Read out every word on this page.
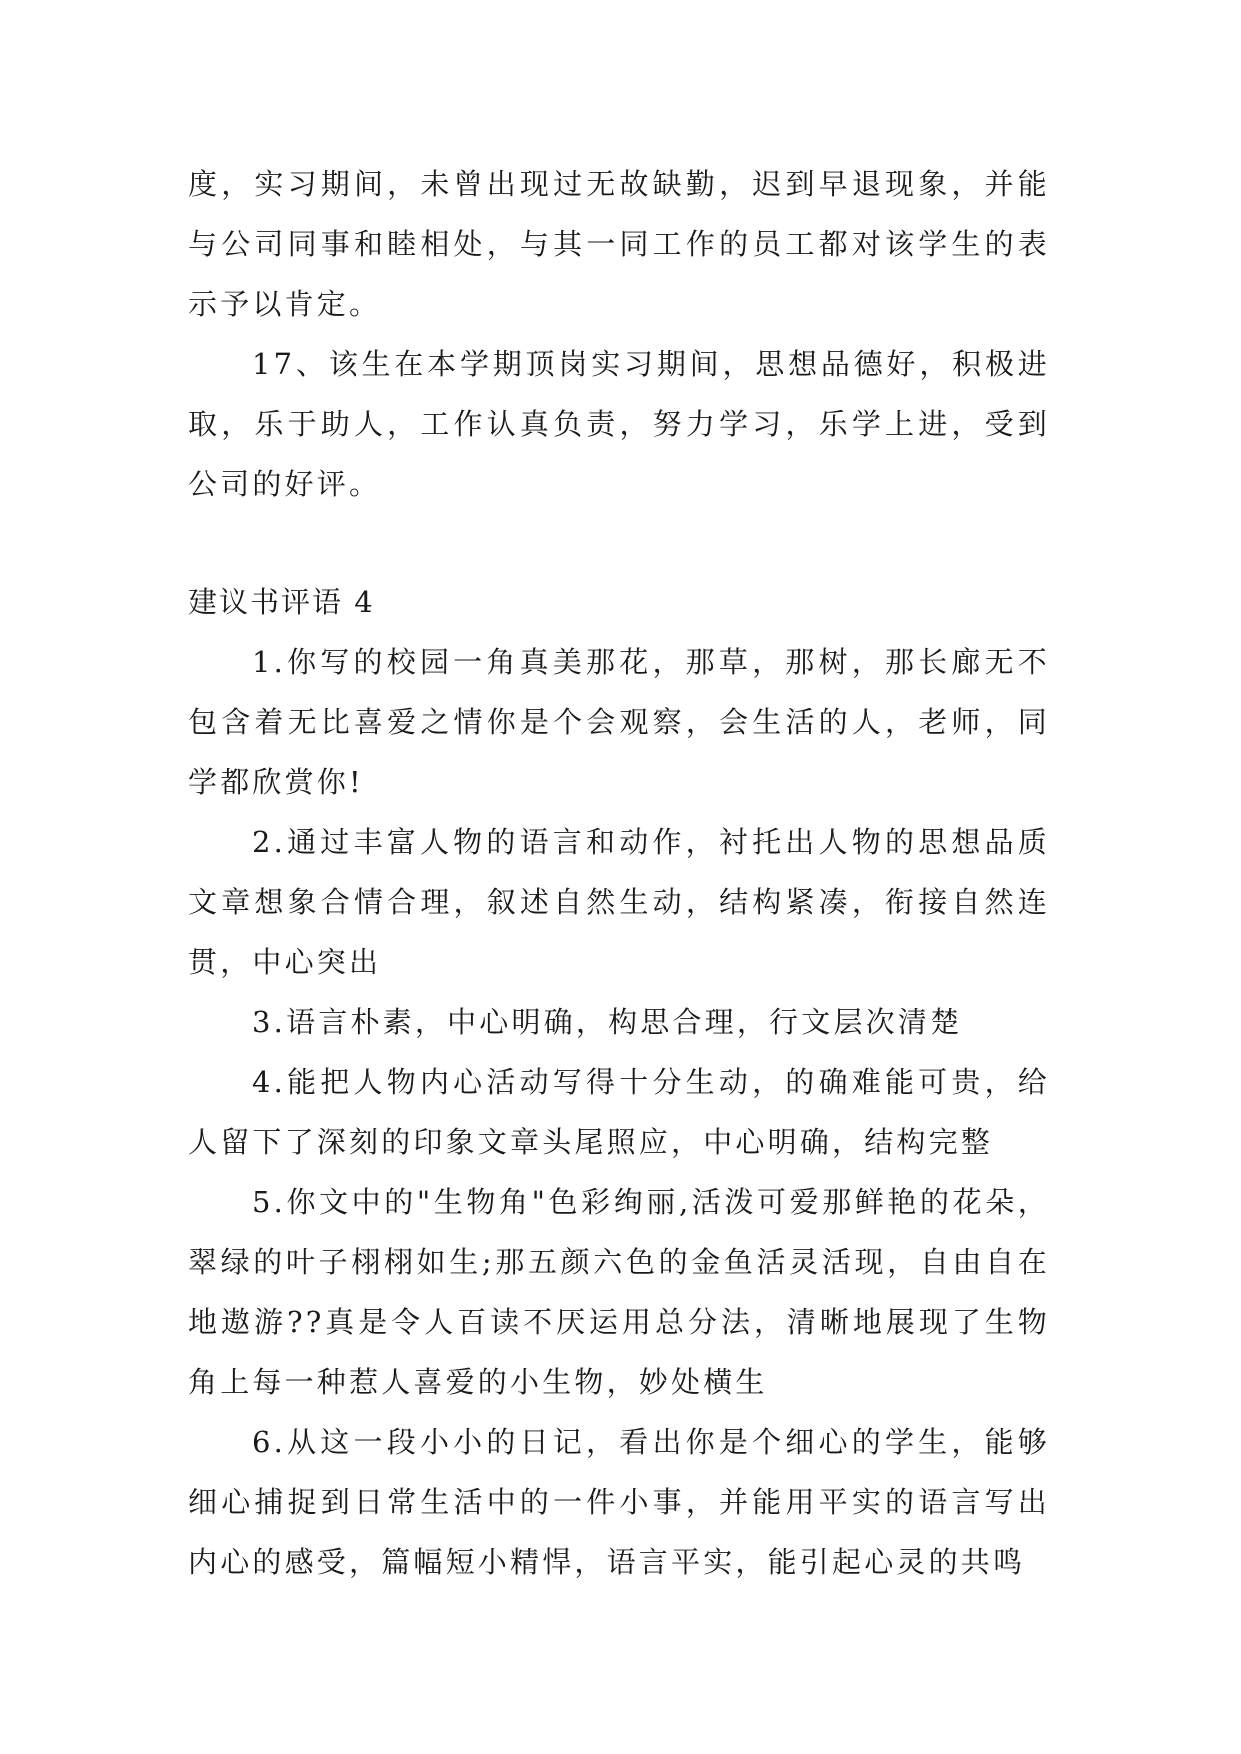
度，实习期间，未曾出现过无故缺勤，迟到早退现象，并能与公司同事和睦相处，与其一同工作的员工都对该学生的表示予以肯定。

17、该生在本学期顶岗实习期间，思想品德好，积极进取，乐于助人，工作认真负责，努力学习，乐学上进，受到公司的好评。

建议书评语 4

1.你写的校园一角真美那花，那草，那树，那长廊无不包含着无比喜爱之情你是个会观察，会生活的人，老师，同学都欣赏你!

2.通过丰富人物的语言和动作，衬托出人物的思想品质文章想象合情合理，叙述自然生动，结构紧凑，衔接自然连贯，中心突出

3.语言朴素，中心明确，构思合理，行文层次清楚

4.能把人物内心活动写得十分生动，的确难能可贵，给人留下了深刻的印象文章头尾照应，中心明确，结构完整

5.你文中的"生物角"色彩绚丽,活泼可爱那鲜艳的花朵，翠绿的叶子栩栩如生;那五颜六色的金鱼活灵活现，自由自在地遨游??真是令人百读不厌运用总分法，清晰地展现了生物角上每一种惹人喜爱的小生物，妙处横生

6.从这一段小小的日记，看出你是个细心的学生，能够细心捕捉到日常生活中的一件小事，并能用平实的语言写出内心的感受，篇幅短小精悍，语言平实，能引起心灵的共鸣
